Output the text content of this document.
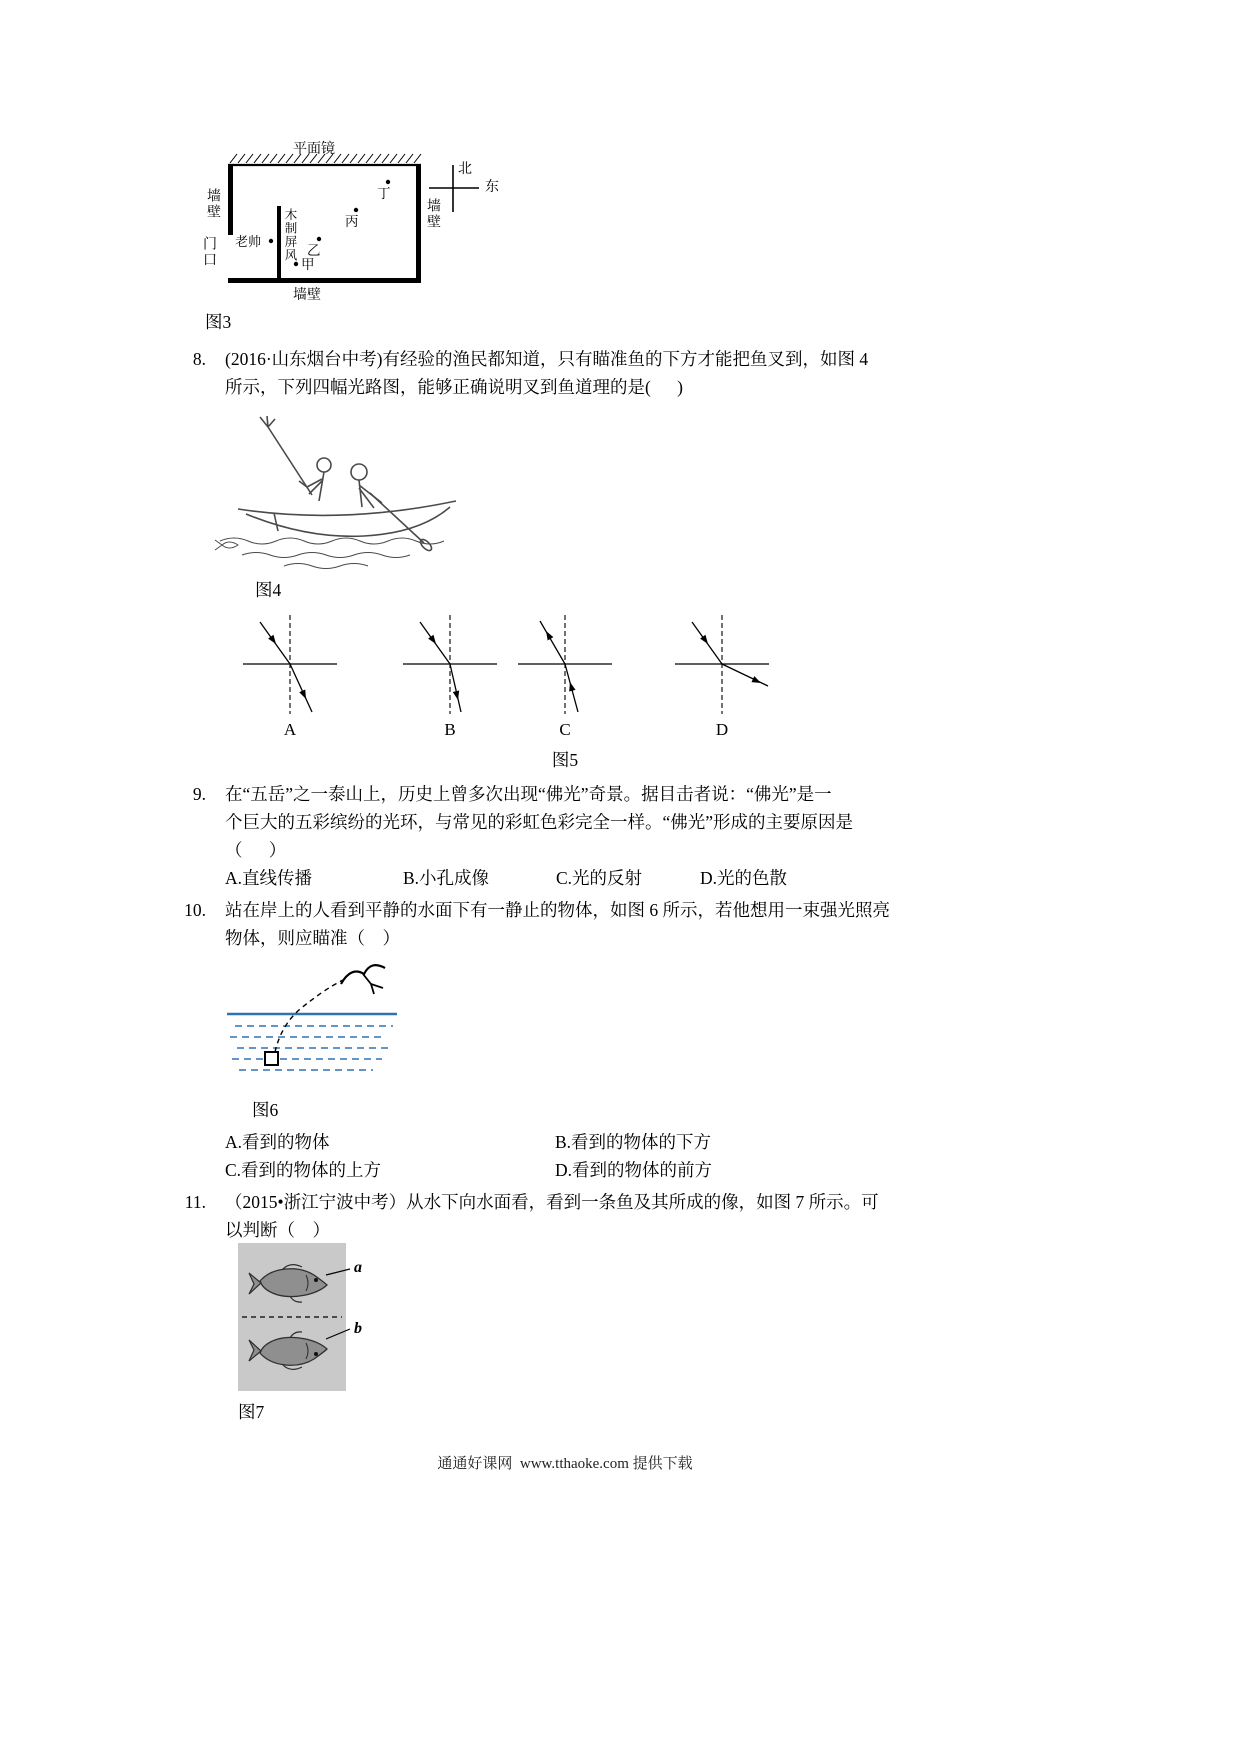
平面镜
墙壁
门口	木制屏风
老帅
甲
乙
丙
丁
墙壁
墙壁
北
东
图3
8. (2016·山东烟台中考)有经验的渔民都知道，只有瞄准鱼的下方才能把鱼叉到，如图 4
所示，下列四幅光路图，能够正确说明叉到鱼道理的是(      )
图4
A	B	C	D
图5
9. 在“五岳”之一泰山上，历史上曾多次出现“佛光”奇景。据目击者说：“佛光”是一
个巨大的五彩缤纷的光环，与常见的彩虹色彩完全一样。“佛光”形成的主要原因是
（      ）
A.直线传播	B.小孔成像	C.光的反射	D.光的色散
10. 站在岸上的人看到平静的水面下有一静止的物体，如图 6 所示，若他想用一束强光照亮
物体，则应瞄准（    ）
图6
A.看到的物体	B.看到的物体的下方
C.看到的物体的上方	D.看到的物体的前方
11. （2015•浙江宁波中考）从水下向水面看，看到一条鱼及其所成的像，如图 7 所示。可
以判断（    ）
a
b
图7
通通好课网  www.tthaoke.com 提供下载
